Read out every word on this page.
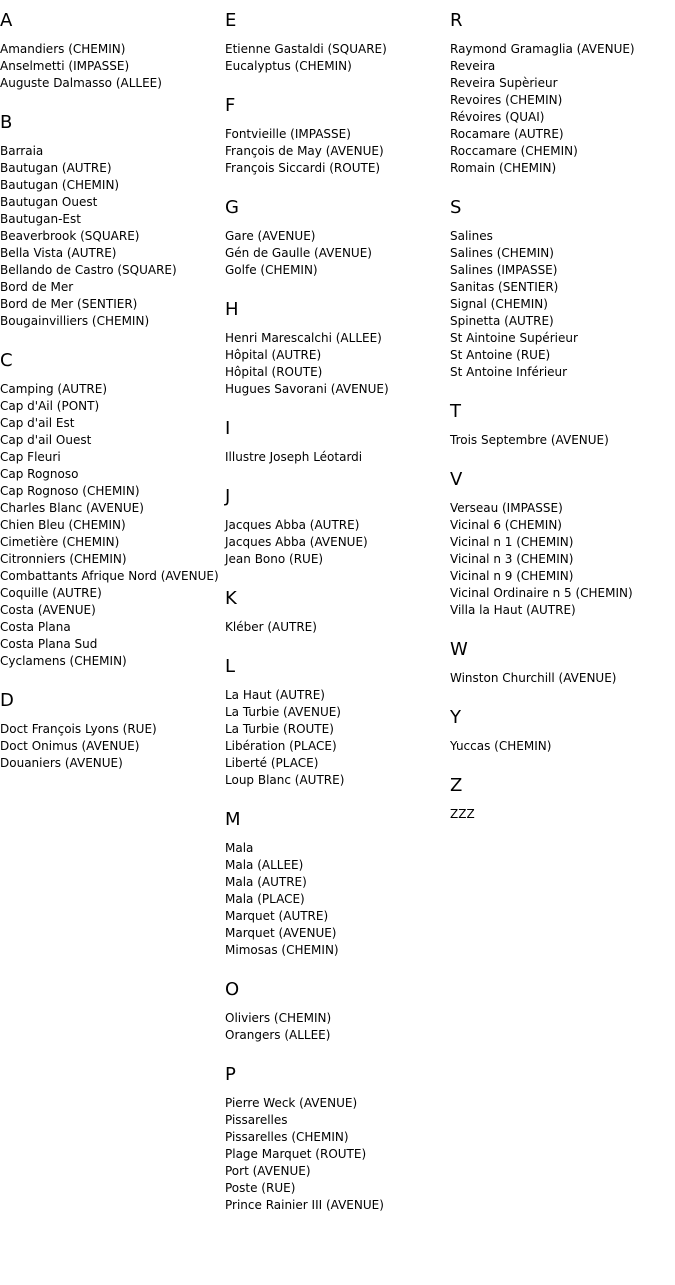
A
Amandiers (CHEMIN)
Anselmetti (IMPASSE)
Auguste Dalmasso (ALLEE)
B
Barraia
Bautugan (AUTRE)
Bautugan (CHEMIN)
Bautugan Ouest
Bautugan-Est
Beaverbrook (SQUARE)
Bella Vista (AUTRE)
Bellando de Castro (SQUARE)
Bord de Mer
Bord de Mer (SENTIER)
Bougainvilliers (CHEMIN)
C
Camping (AUTRE)
Cap d'Ail (PONT)
Cap d'ail Est
Cap d'ail Ouest
Cap Fleuri
Cap Rognoso
Cap Rognoso (CHEMIN)
Charles Blanc (AVENUE)
Chien Bleu (CHEMIN)
Cimetière (CHEMIN)
Citronniers (CHEMIN)
Combattants Afrique Nord (AVENUE)
Coquille (AUTRE)
Costa (AVENUE)
Costa Plana
Costa Plana Sud
Cyclamens (CHEMIN)
D
Doct François Lyons (RUE)
Doct Onimus (AVENUE)
Douaniers (AVENUE)
E
Etienne Gastaldi (SQUARE)
Eucalyptus (CHEMIN)
F
Fontvieille (IMPASSE)
François de May (AVENUE)
François Siccardi (ROUTE)
G
Gare (AVENUE)
Gén de Gaulle (AVENUE)
Golfe (CHEMIN)
H
Henri Marescalchi (ALLEE)
Hôpital (AUTRE)
Hôpital (ROUTE)
Hugues Savorani (AVENUE)
I
Illustre Joseph Léotardi
J
Jacques Abba (AUTRE)
Jacques Abba (AVENUE)
Jean Bono (RUE)
K
Kléber (AUTRE)
L
La Haut (AUTRE)
La Turbie (AVENUE)
La Turbie (ROUTE)
Libération (PLACE)
Liberté (PLACE)
Loup Blanc (AUTRE)
M
Mala
Mala (ALLEE)
Mala (AUTRE)
Mala (PLACE)
Marquet (AUTRE)
Marquet (AVENUE)
Mimosas (CHEMIN)
O
Oliviers (CHEMIN)
Orangers (ALLEE)
P
Pierre Weck (AVENUE)
Pissarelles
Pissarelles (CHEMIN)
Plage Marquet (ROUTE)
Port (AVENUE)
Poste (RUE)
Prince Rainier III (AVENUE)
R
Raymond Gramaglia (AVENUE)
Reveira
Reveira Supèrieur
Revoires (CHEMIN)
Révoires (QUAI)
Rocamare (AUTRE)
Roccamare (CHEMIN)
Romain (CHEMIN)
S
Salines
Salines (CHEMIN)
Salines (IMPASSE)
Sanitas (SENTIER)
Signal (CHEMIN)
Spinetta (AUTRE)
St Aintoine Supérieur
St Antoine (RUE)
St Antoine Inférieur
T
Trois Septembre (AVENUE)
V
Verseau (IMPASSE)
Vicinal 6 (CHEMIN)
Vicinal n 1 (CHEMIN)
Vicinal n 3 (CHEMIN)
Vicinal n 9 (CHEMIN)
Vicinal Ordinaire n 5 (CHEMIN)
Villa la Haut (AUTRE)
W
Winston Churchill (AVENUE)
Y
Yuccas (CHEMIN)
Z
ZZZ
